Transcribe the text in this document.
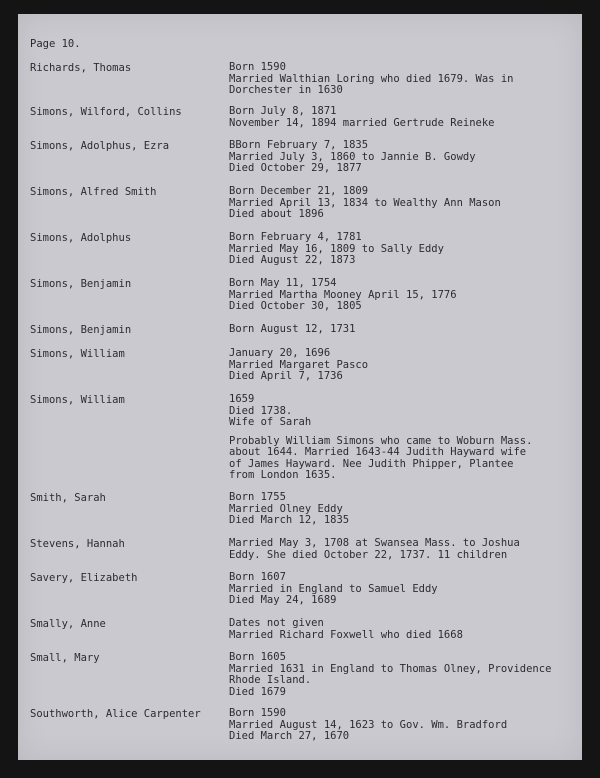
Page 10.
Richards, Thomas	Born 1590
Married Walthian Loring who died 1679. Was in
Dorchester in 1630
Simons, Wilford, Collins	Born July 8, 1871
November 14, 1894 married Gertrude Reineke
Simons, Adolphus, Ezra	BBorn February 7, 1835
Married July 3, 1860 to Jannie B. Gowdy
Died October 29, 1877
Simons, Alfred Smith	Born December 21, 1809
Married April 13, 1834 to Wealthy Ann Mason
Died about 1896
Simons, Adolphus	Born February 4, 1781
Married May 16, 1809 to Sally Eddy
Died August 22, 1873
Simons, Benjamin	Born May 11, 1754
Married Martha Mooney April 15, 1776
Died October 30, 1805
Simons, Benjamin	Born August 12, 1731
Simons, William	January 20, 1696
Married Margaret Pasco
Died April 7, 1736
Simons, William	1659
Died 1738.
Wife of Sarah
Probably William Simons who came to Woburn Mass.
about 1644. Married 1643-44 Judith Hayward wife
of James Hayward. Nee Judith Phipper, Plantee
from London 1635.
Smith, Sarah	Born 1755
Married Olney Eddy
Died March 12, 1835
Stevens, Hannah	Married May 3, 1708 at Swansea Mass. to Joshua
Eddy. She died October 22, 1737. 11 children
Savery, Elizabeth	Born 1607
Married in England to Samuel Eddy
Died May 24, 1689
Smally, Anne	Dates not given
Married Richard Foxwell who died 1668
Small, Mary	Born 1605
Married 1631 in England to Thomas Olney, Providence
Rhode Island.
Died 1679
Southworth, Alice Carpenter	Born 1590
Married August 14, 1623 to Gov. Wm. Bradford
Died March 27, 1670
